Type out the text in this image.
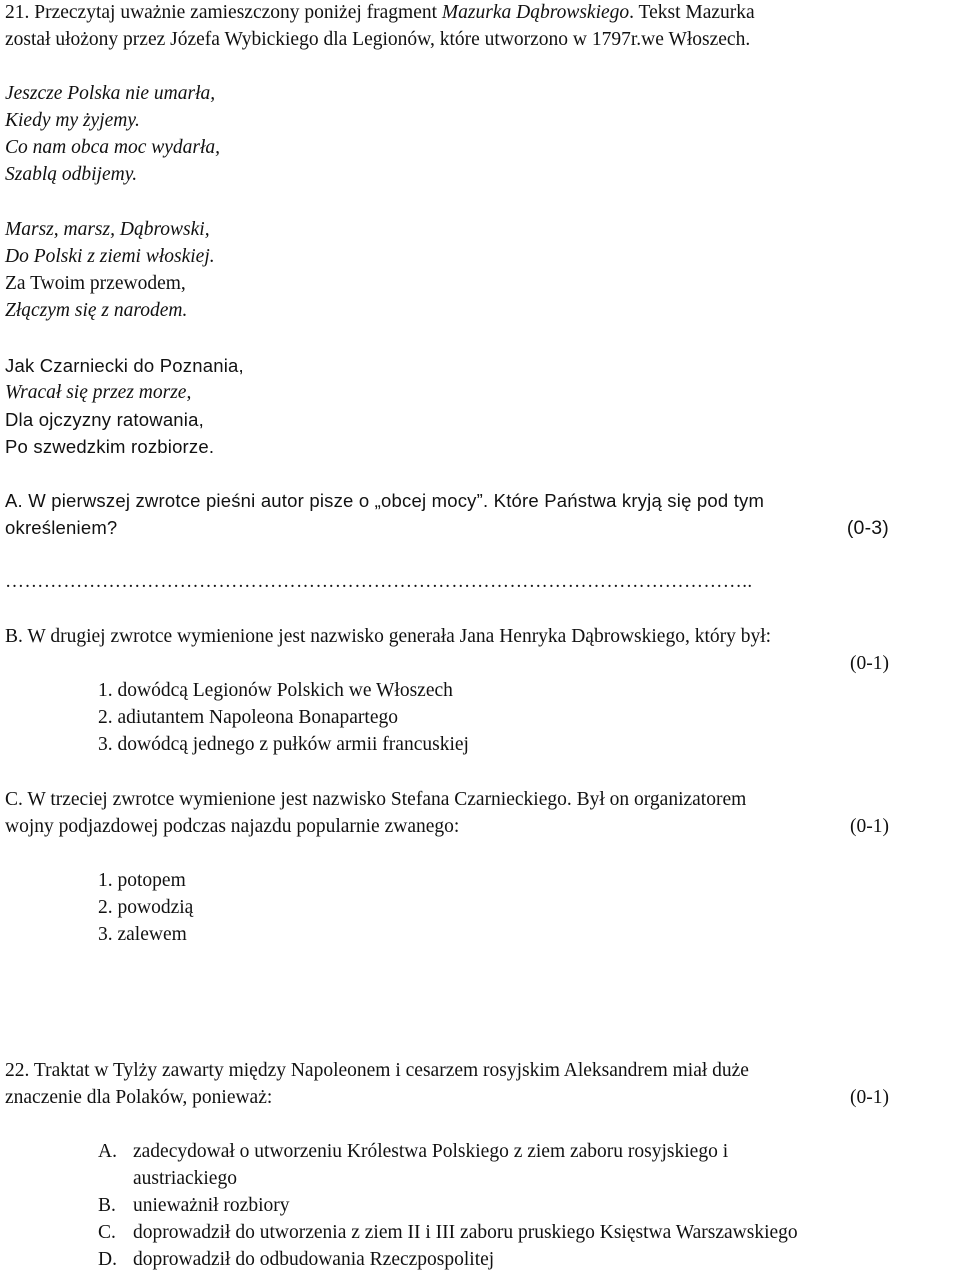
21. Przeczytaj uważnie zamieszczony poniżej fragment Mazurka Dąbrowskiego. Tekst Mazurka
został ułożony przez Józefa Wybickiego dla Legionów, które utworzono w 1797r.we Włoszech.
Jeszcze Polska nie umarła,
Kiedy my żyjemy.
Co nam obca moc wydarła,
Szablą odbijemy.
Marsz, marsz, Dąbrowski,
Do Polski z ziemi włoskiej.
Za Twoim przewodem,
Złączym się z narodem.
Jak Czarniecki do Poznania,
Wracał się przez morze,
Dla ojczyzny ratowania,
Po szwedzkim rozbiorze.
A. W pierwszej zwrotce pieśni autor pisze o „obcej mocy”. Które Państwa kryją się pod tym
określeniem?	(0-3)
……………………………………………………………………………………………………..
B. W drugiej zwrotce wymienione jest nazwisko generała Jana Henryka Dąbrowskiego, który był:
(0-1)
1. dowódcą Legionów Polskich we Włoszech
2. adiutantem Napoleona Bonapartego
3. dowódcą jednego z pułków armii francuskiej
C. W trzeciej zwrotce wymienione jest nazwisko Stefana Czarnieckiego. Był on organizatorem
wojny podjazdowej podczas najazdu popularnie zwanego:	(0-1)
1. potopem
2. powodzią
3. zalewem
22. Traktat w Tylży zawarty między Napoleonem i cesarzem rosyjskim Aleksandrem miał duże
znaczenie dla Polaków, ponieważ:	(0-1)
A. zadecydował o utworzeniu Królestwa Polskiego z ziem zaboru rosyjskiego i
austriackiego
B. unieważnił rozbiory
C. doprowadził do utworzenia z ziem II i III zaboru pruskiego Księstwa Warszawskiego
D. doprowadził do odbudowania Rzeczpospolitej
